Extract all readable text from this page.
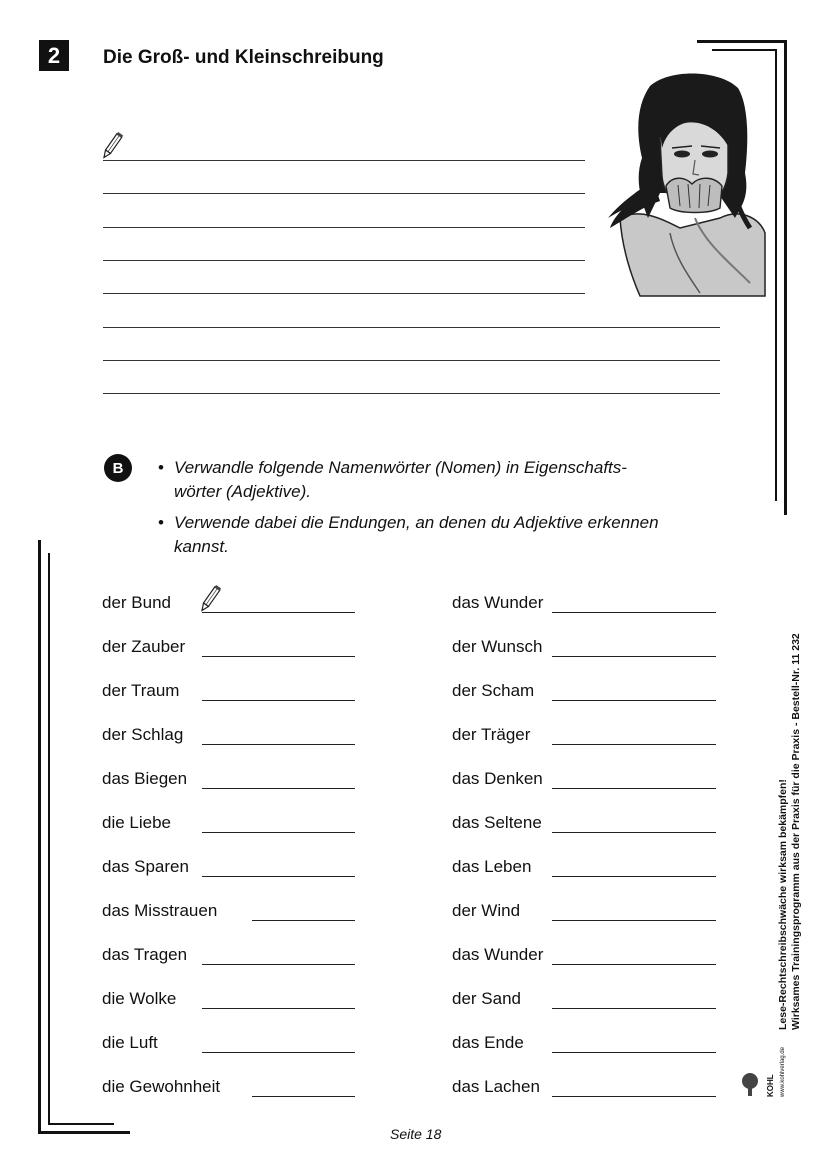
2	Die Groß- und Kleinschreibung
B	• Verwandle folgende Namenwörter (Nomen) in Eigenschafts-
wörter (Adjektive).
• Verwende dabei die Endungen, an denen du Adjektive erkennen
kannst.
der Bund
der Zauber
der Traum
der Schlag
das Biegen
die Liebe
das Sparen
das Misstrauen
das Tragen
die Wolke
die Luft
die Gewohnheit
das Wunder
der Wunsch
der Scham
der Träger
das Denken
das Seltene
das Leben
der Wind
das Wunder
der Sand
das Ende
das Lachen
Seite 18
Lese-Rechtschreibschwäche wirksam bekämpfen! Wirksames Trainingsprogramm aus der Praxis für die Praxis - Bestell-Nr. 11 232
KOHL www.kohlverlag.de
